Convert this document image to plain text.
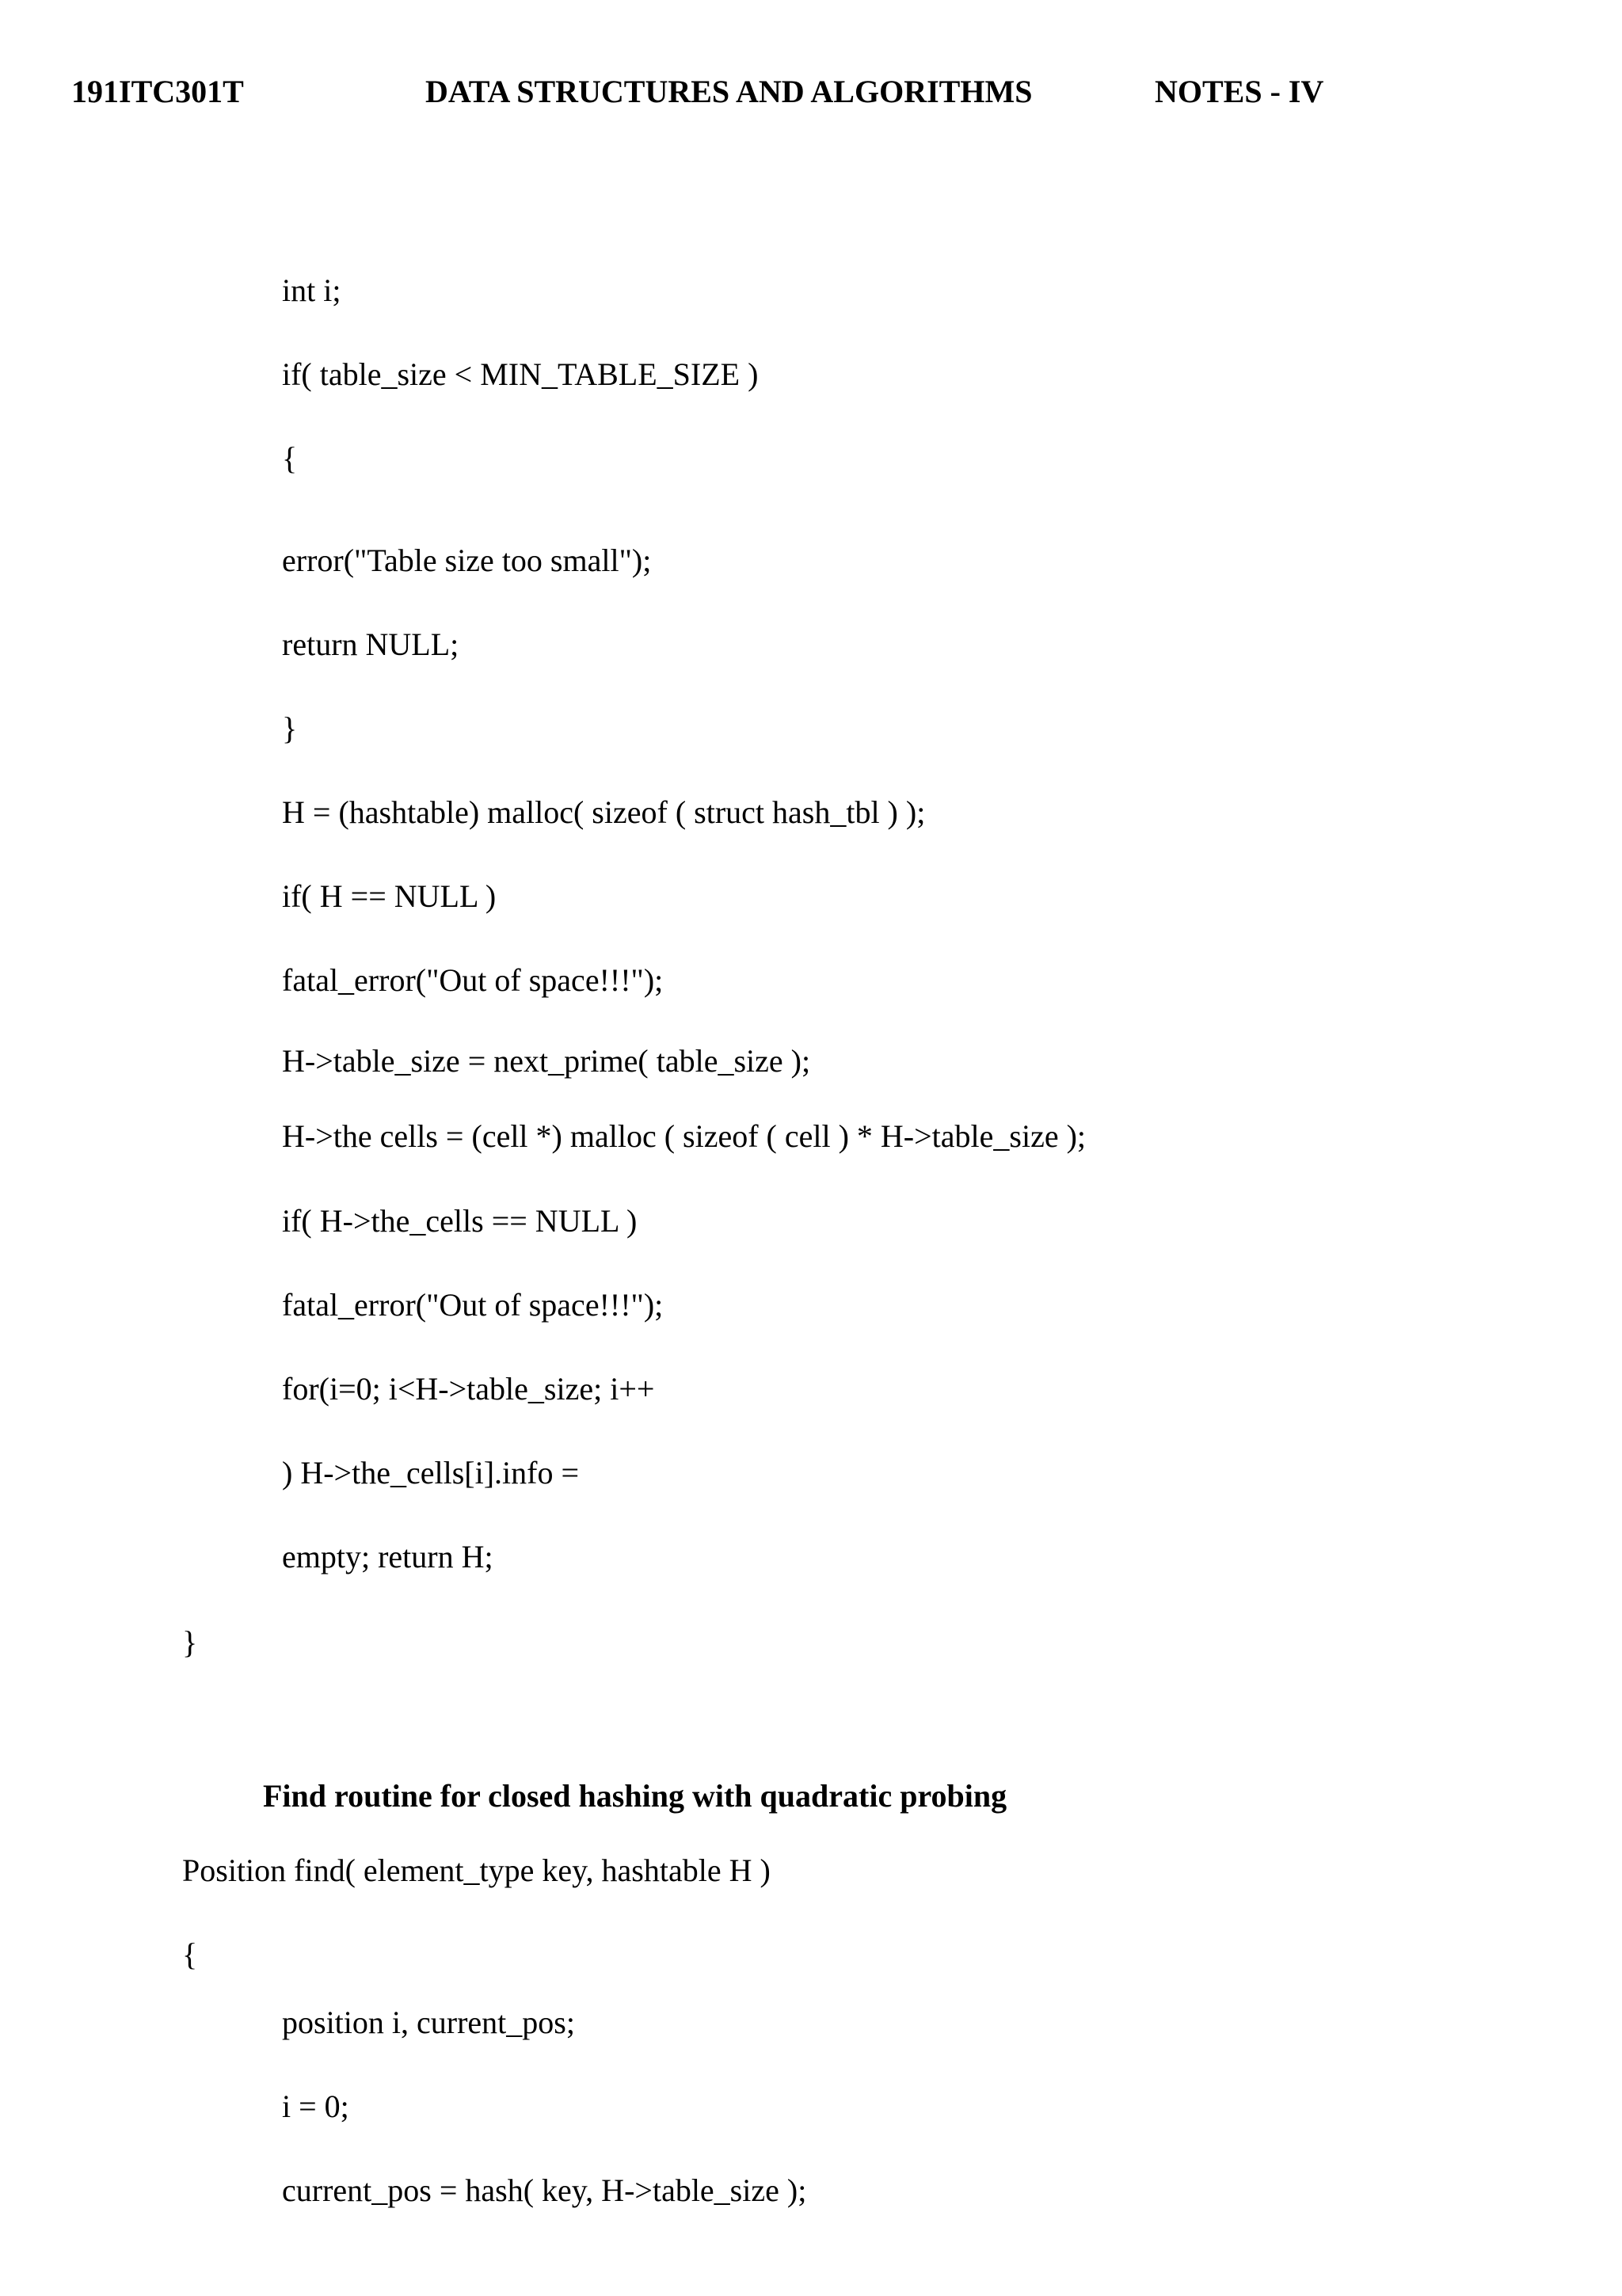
191ITC301T	DATA STRUCTURES AND ALGORITHMS	NOTES - IV
int i;
if( table_size < MIN_TABLE_SIZE )
{
error("Table size too small");
return NULL;
}
H = (hashtable) malloc( sizeof ( struct hash_tbl ) );
if( H == NULL )
fatal_error("Out of space!!!");
H->table_size = next_prime( table_size );
H->the cells = (cell *) malloc ( sizeof ( cell ) * H->table_size );
if( H->the_cells == NULL )
fatal_error("Out of space!!!");
for(i=0; i<H->table_size; i++
) H->the_cells[i].info =
empty; return H;
}
Find routine for closed hashing with quadratic probing
Position find( element_type key, hashtable H )
{
position i, current_pos;
i = 0;
current_pos = hash( key, H->table_size );
